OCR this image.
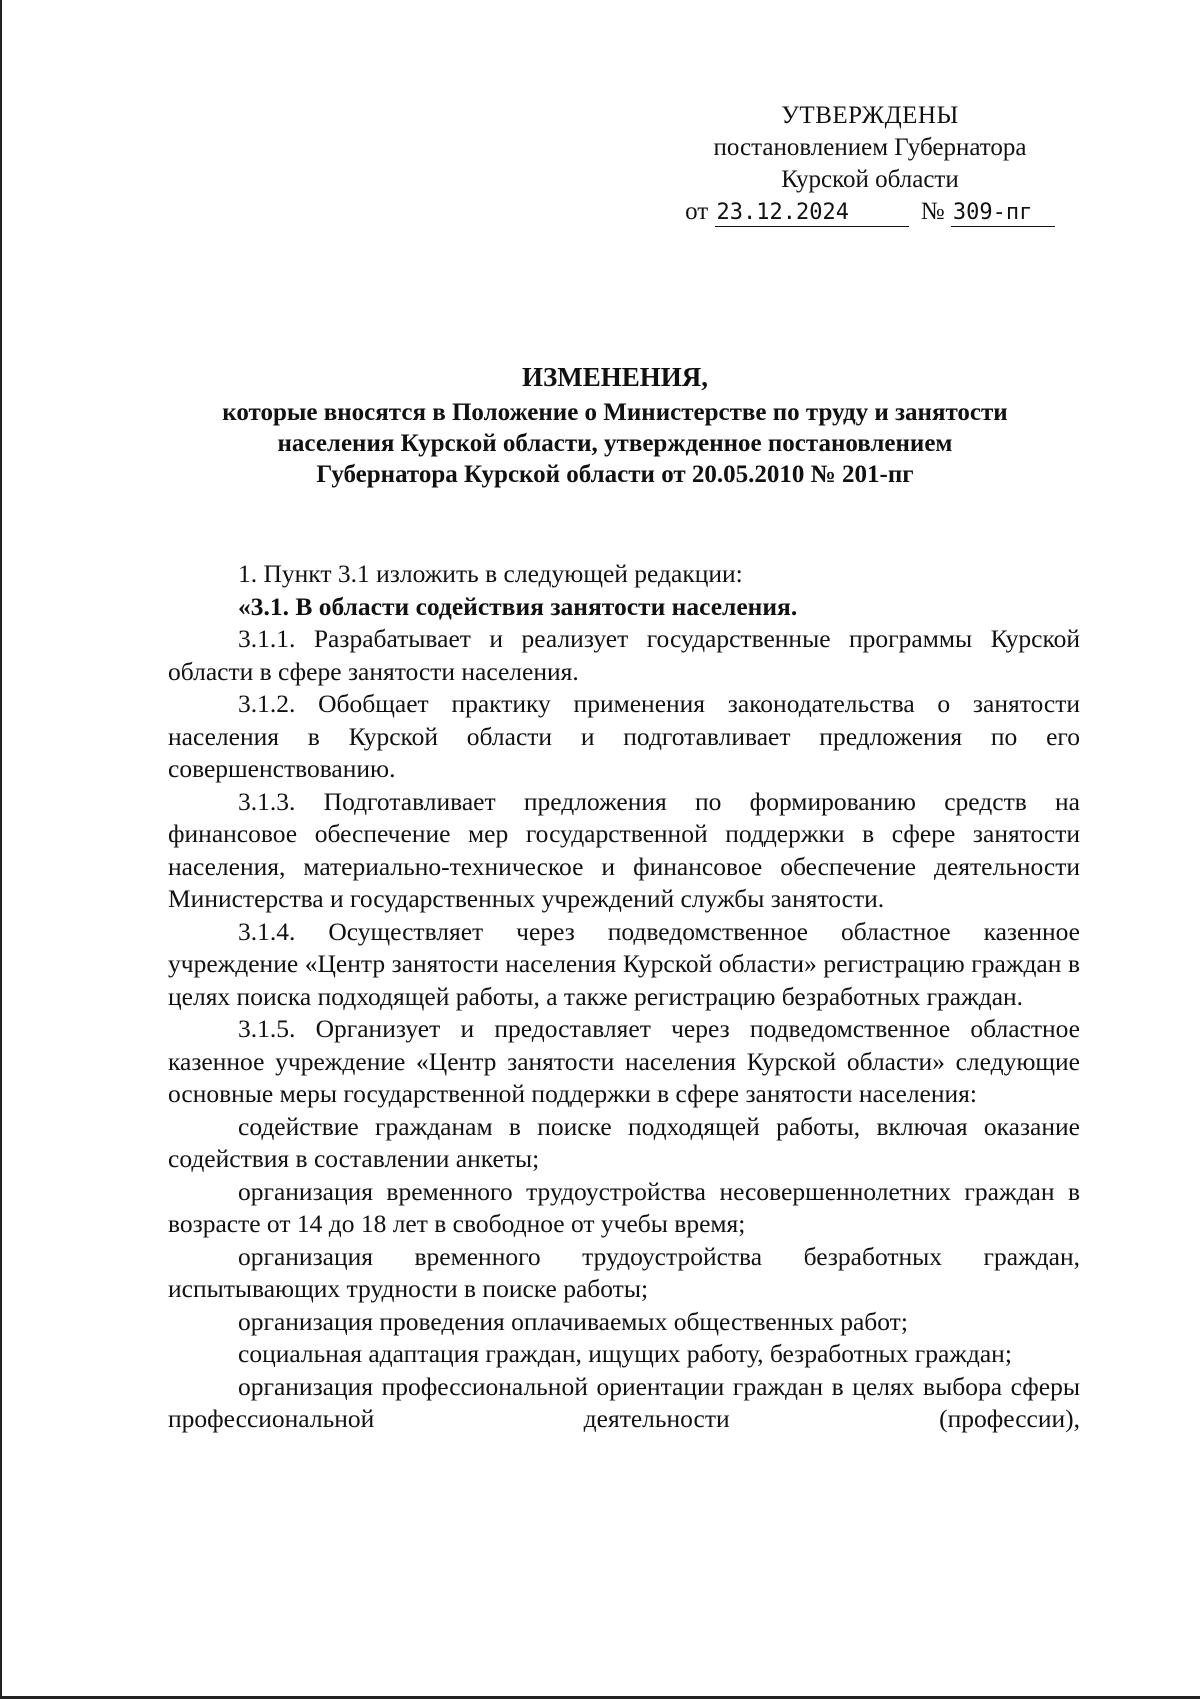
УТВЕРЖДЕНЫ
постановлением Губернатора
Курской области
от 23.12.2024	№ 309-пг
ИЗМЕНЕНИЯ,
которые вносятся в Положение о Министерстве по труду и занятости
населения Курской области, утвержденное постановлением
Губернатора Курской области от 20.05.2010 № 201-пг

1. Пункт 3.1 изложить в следующей редакции:

«3.1. В области содействия занятости населения.

3.1.1. Разрабатывает и реализует государственные программы Курской области в сфере занятости населения.

3.1.2. Обобщает практику применения законодательства о занятости населения в Курской области и подготавливает предложения по его совершенствованию.

3.1.3. Подготавливает предложения по формированию средств на финансовое обеспечение мер государственной поддержки в сфере занятости населения, материально-техническое и финансовое обеспечение деятельности Министерства и государственных учреждений службы занятости.

3.1.4. Осуществляет через подведомственное областное казенное учреждение «Центр занятости населения Курской области» регистрацию граждан в целях поиска подходящей работы, а также регистрацию безработных граждан.

3.1.5. Организует и предоставляет через подведомственное областное казенное учреждение «Центр занятости населения Курской области» следующие основные меры государственной поддержки в сфере занятости населения:

содействие гражданам в поиске подходящей работы, включая оказание содействия в составлении анкеты;

организация временного трудоустройства несовершеннолетних граждан в возрасте от 14 до 18 лет в свободное от учебы время;

организация временного трудоустройства безработных граждан, испытывающих трудности в поиске работы;

организация проведения оплачиваемых общественных работ;

социальная адаптация граждан, ищущих работу, безработных граждан;

организация профессиональной ориентации граждан в целях выбора сферы профессиональной деятельности (профессии),
